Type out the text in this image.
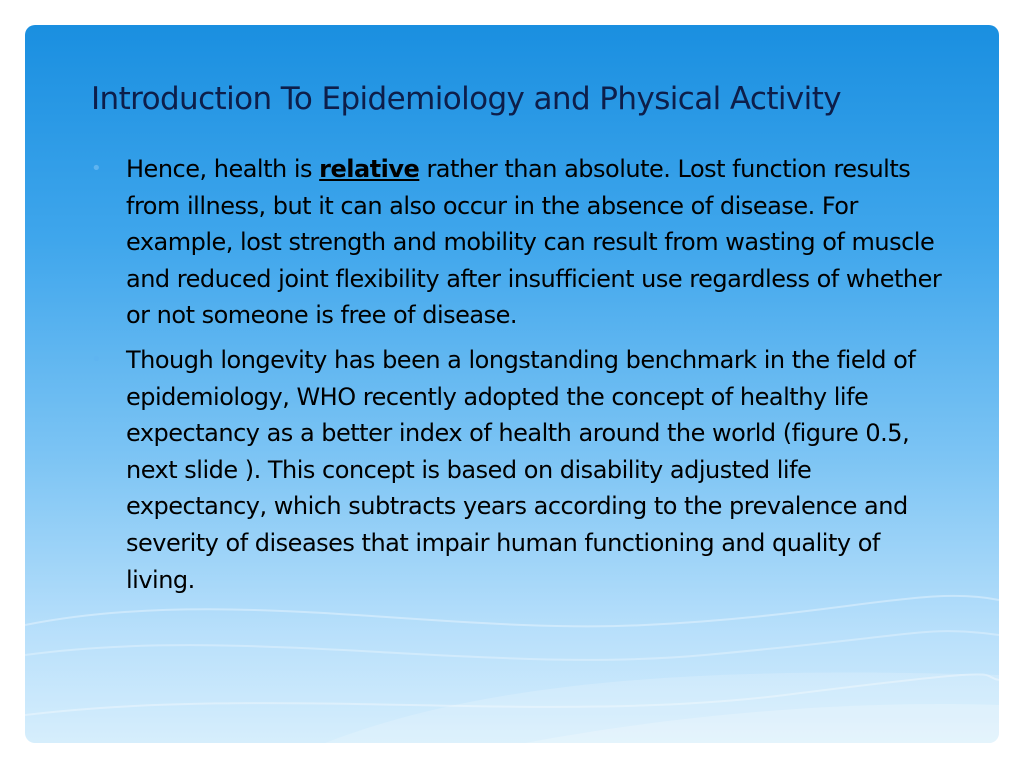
Introduction To Epidemiology and Physical Activity
• Hence, health is relative rather than absolute. Lost function results from illness, but it can also occur in the absence of disease. For example, lost strength and mobility can result from wasting of muscle and reduced joint flexibility after insufficient use regardless of whether or not someone is free of disease.
• Though longevity has been a longstanding benchmark in the field of epidemiology, WHO recently adopted the concept of healthy life expectancy as a better index of health around the world (figure 0.5, next slide ). This concept is based on disability adjusted life expectancy, which subtracts years according to the prevalence and severity of diseases that impair human functioning and quality of living.
